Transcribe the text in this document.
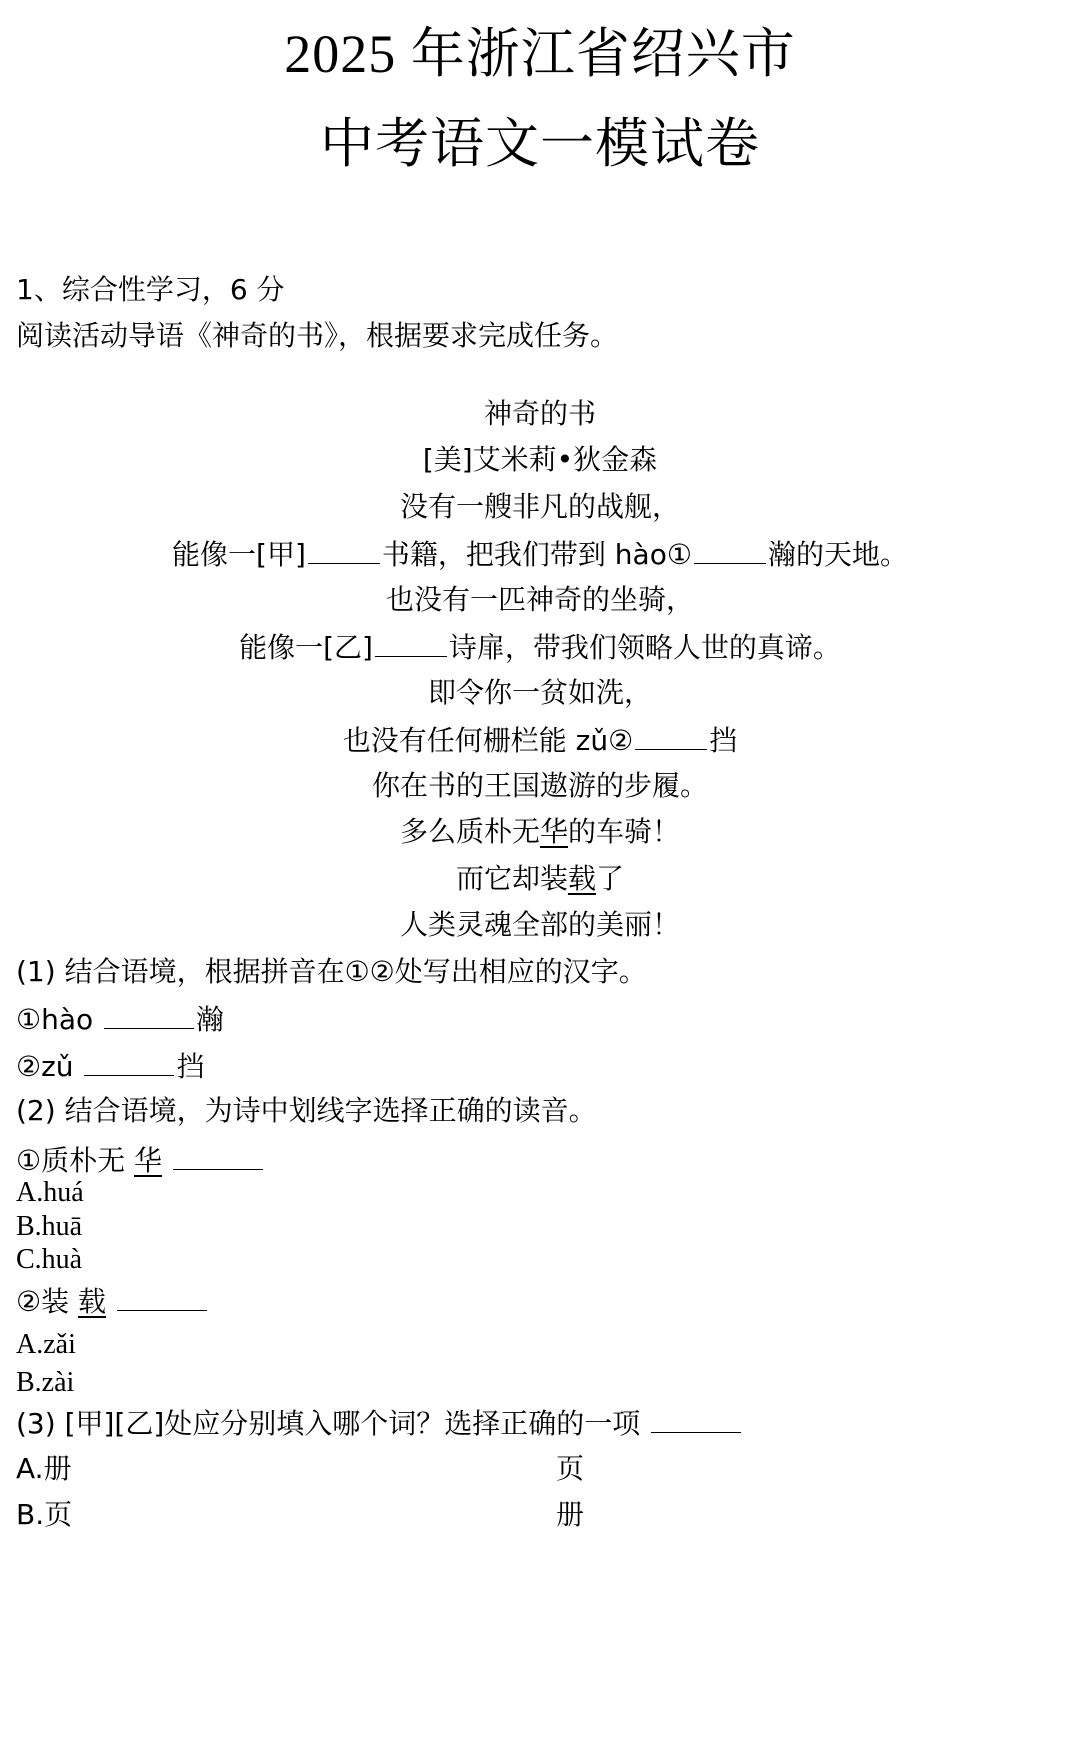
2025 年浙江省绍兴市
中考语文一模试卷
1、综合性学习，6 分
阅读活动导语《神奇的书》，根据要求完成任务。
神奇的书
[美]艾米莉•狄金森
没有一艘非凡的战舰，
能像一[甲]	书籍，把我们带到 hào①	瀚的天地。
也没有一匹神奇的坐骑，
能像一[乙]	诗扉，带我们领略人世的真谛。
即令你一贫如洗，
也没有任何栅栏能 zǔ②	挡
你在书的王国遨游的步履。
多么质朴无华的车骑！
而它却装载了
人类灵魂全部的美丽！
(1) 结合语境，根据拼音在①②处写出相应的汉字。
①hào	瀚
②zǔ	挡
(2) 结合语境，为诗中划线字选择正确的读音。
①质朴无 华
A.huá
B.huā
C.huà
②装 载
A.zǎi
B.zài
(3) [甲][乙]处应分别填入哪个词？选择正确的一项
A.册	页
B.页	册
